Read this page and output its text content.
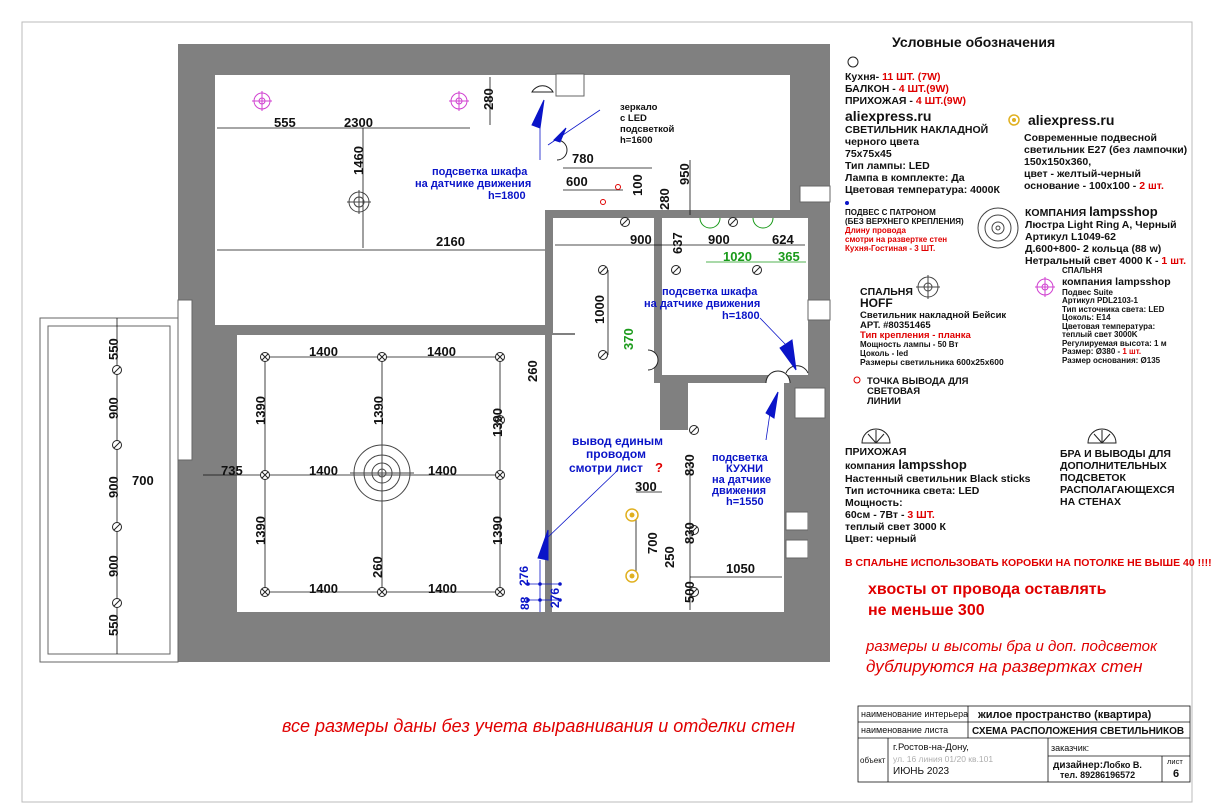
280
555	2300
1460
2160
780
600	100
950
280
900 637 900	624
1000
1400	1400
260
1390	1390	1390
735	1400	1400
700
1390	1390
260
1400	1400
300
830
830
700
250
1050
500
550
900
900
900
550
88
276
276
1020 365
370
зеркало
с LED
подсветкой
h=1600
подсветка шкафа
на датчике движения
h=1800
подсветка шкафа
на датчике движения
h=1800
подсветка
КУХНИ
на датчике
движения
h=1550
вывод единым
проводом
смотри лист ?
Условные обозначения
Кухня- 11 ШТ. (7W)
БАЛКОН - 4 ШТ.(9W)
ПРИХОЖАЯ - 4 ШТ.(9W)
aliexpress.ru
СВЕТИЛЬНИК НАКЛАДНОЙ
черного цвета
75х75х45
Тип лампы: LED
Лампа в комплекте: Да
Цветовая температура: 4000К
aliexpress.ru
Современные подвесной
светильник Е27 (без лампочки)
150х150х360,
цвет - желтый-черный
основание - 100х100 - 2 шт.
ПОДВЕС С ПАТРОНОМ
(БЕЗ ВЕРХНЕГО КРЕПЛЕНИЯ)
Длину провода
смотри на развертке стен
Кухня-Гостиная - 3 ШТ.
КОМПАНИЯ lampsshop
Люстра Light Ring A, Черный
Артикул L1049-62
Д.600+800- 2 кольца (88 w)
Нетральный свет 4000 К - 1 шт.
СПАЛЬНЯ
HOFF
Светильник накладной Бейсик
АРТ. #80351465
Тип крепления - планка
Мощность лампы - 50 Вт
Цоколь - led
Размеры светильника 600х25х600
СПАЛЬНЯ
компания lampsshop
Подвес Suite
Артикул PDL2103-1
Тип источника света: LED
Цоколь: E14
Цветовая температура:
теплый свет 3000K
Регулируемая высота: 1 м
Размер: Ø380 - 1 шт.
Размер основания: Ø135
ТОЧКА ВЫВОДА ДЛЯ
СВЕТОВАЯ
ЛИНИИ
ПРИХОЖАЯ
компания lampsshop
Настенный светильник Black sticks
Тип источника света: LED
Мощность:
60см - 7Вт - 3 ШТ.
теплый свет 3000 К
Цвет: черный
БРА И ВЫВОДЫ ДЛЯ
ДОПОЛНИТЕЛЬНЫХ
ПОДСВЕТОК
РАСПОЛАГАЮЩЕХСЯ
НА СТЕНАХ
В СПАЛЬНЕ ИСПОЛЬЗОВАТЬ КОРОБКИ НА ПОТОЛКЕ НЕ ВЫШЕ 40 !!!!
хвосты от провода оставлять
не меньше 300
размеры и высоты бра и доп. подсветок
дублируются на развертках стен
все размеры даны без учета выравнивания и отделки стен
наименование интерьера жилое пространство (квартира)
наименование листа СХЕМА РАСПОЛОЖЕНИЯ СВЕТИЛЬНИКОВ
объект
г.Ростов-на-Дону,
ул. 16 линия 01/20 кв.101
ИЮНЬ 2023
заказчик:
дизайнер:Лобко В.
тел. 89286196572
лист
6
